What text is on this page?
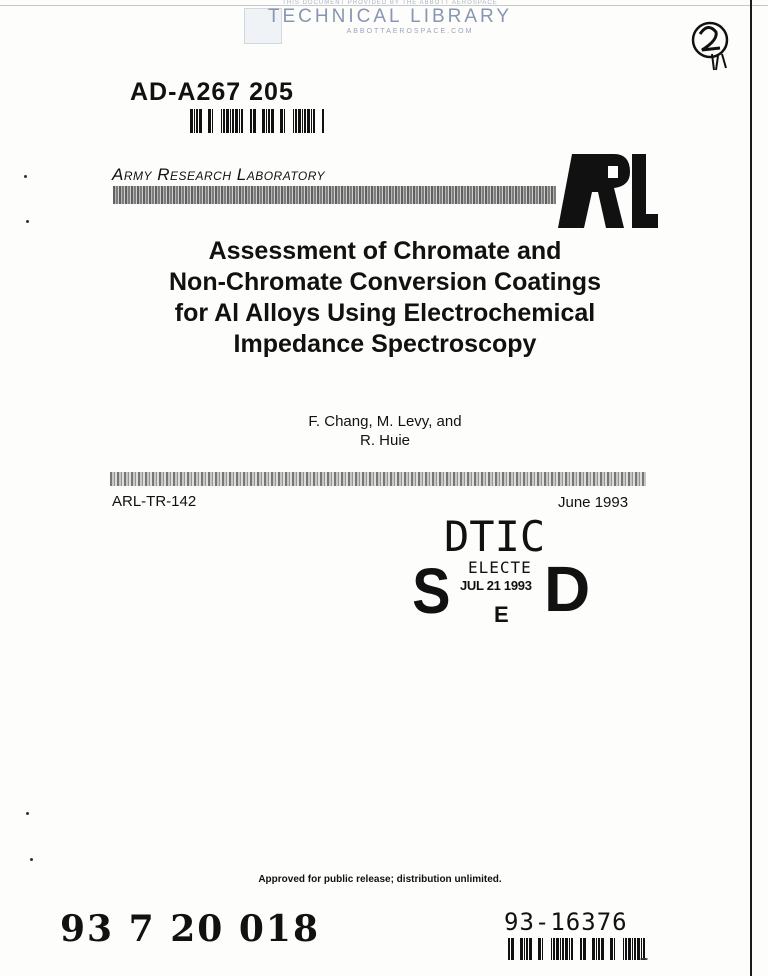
THIS DOCUMENT PROVIDED BY THE ABBOTT AEROSPACE
TECHNICAL LIBRARY
ABBOTTAEROSPACE.COM
AD-A267 205
Army Research Laboratory
Assessment of Chromate and
Non-Chromate Conversion Coatings
for Al Alloys Using Electrochemical
Impedance Spectroscopy
F. Chang, M. Levy, and
R. Huie
ARL-TR-142	June 1993
DTIC
ELECTE
JUL 21 1993
S D
E
Approved for public release; distribution unlimited.
93 7 20 018	93-16376
